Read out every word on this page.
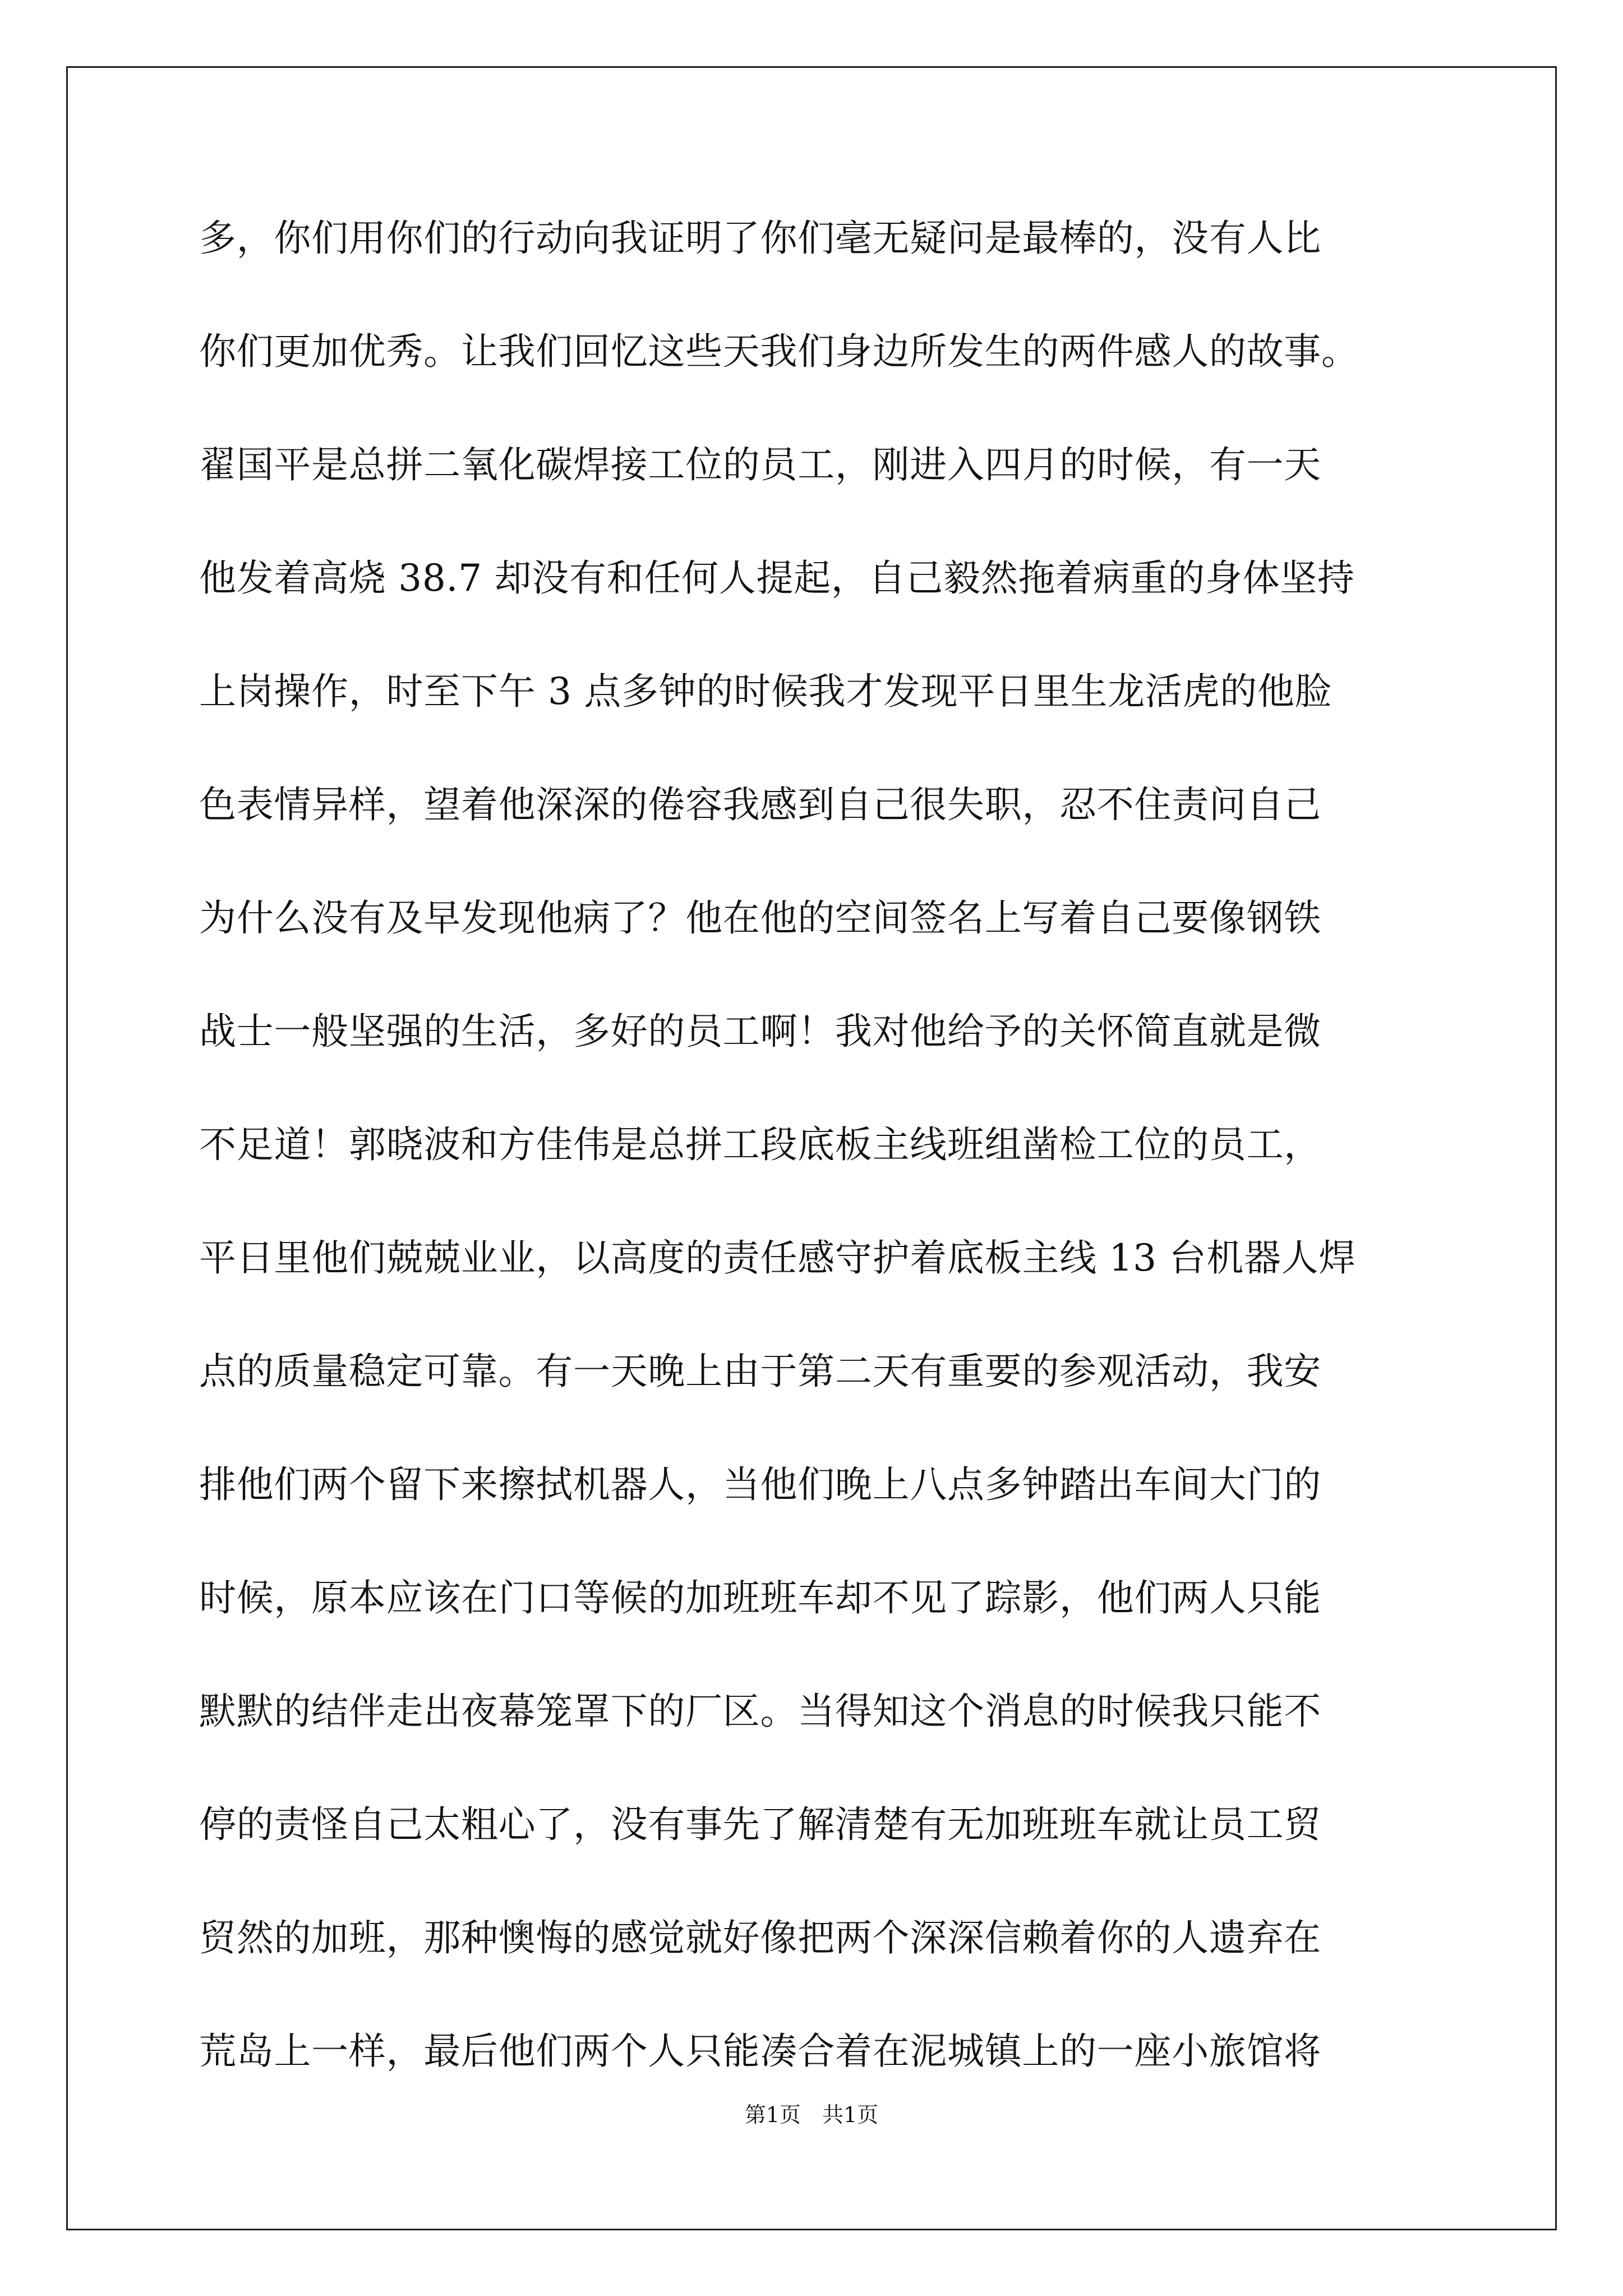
多，你们用你们的行动向我证明了你们毫无疑问是最棒的，没有人比
你们更加优秀。让我们回忆这些天我们身边所发生的两件感人的故事。
翟国平是总拼二氧化碳焊接工位的员工，刚进入四月的时候，有一天
他发着高烧 38.7 却没有和任何人提起，自己毅然拖着病重的身体坚持
上岗操作，时至下午 3 点多钟的时候我才发现平日里生龙活虎的他脸
色表情异样，望着他深深的倦容我感到自己很失职，忍不住责问自己
为什么没有及早发现他病了？他在他的空间签名上写着自己要像钢铁
战士一般坚强的生活，多好的员工啊！我对他给予的关怀简直就是微
不足道！郭晓波和方佳伟是总拼工段底板主线班组凿检工位的员工，
平日里他们兢兢业业，以高度的责任感守护着底板主线 13 台机器人焊
点的质量稳定可靠。有一天晚上由于第二天有重要的参观活动，我安
排他们两个留下来擦拭机器人，当他们晚上八点多钟踏出车间大门的
时候，原本应该在门口等候的加班班车却不见了踪影，他们两人只能
默默的结伴走出夜幕笼罩下的厂区。当得知这个消息的时候我只能不
停的责怪自己太粗心了，没有事先了解清楚有无加班班车就让员工贸
贸然的加班，那种懊悔的感觉就好像把两个深深信赖着你的人遗弃在
荒岛上一样，最后他们两个人只能凑合着在泥城镇上的一座小旅馆将
第1页　共1页
